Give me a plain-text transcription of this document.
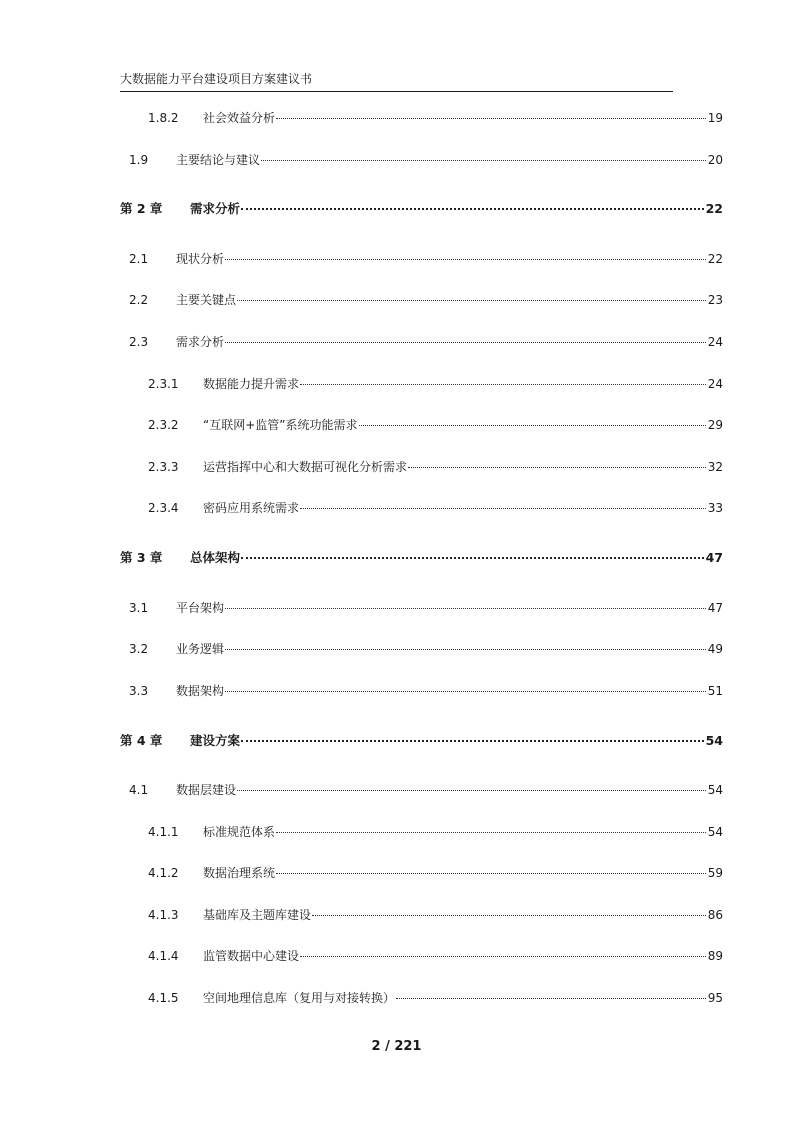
大数据能力平台建设项目方案建议书
1.8.2	社会效益分析	19
1.9	主要结论与建议	20
第 2 章	需求分析	22
2.1	现状分析	22
2.2	主要关键点	23
2.3	需求分析	24
2.3.1	数据能力提升需求	24
2.3.2	“互联网+监管”系统功能需求	29
2.3.3	运营指挥中心和大数据可视化分析需求	32
2.3.4	密码应用系统需求	33
第 3 章	总体架构	47
3.1	平台架构	47
3.2	业务逻辑	49
3.3	数据架构	51
第 4 章	建设方案	54
4.1	数据层建设	54
4.1.1	标准规范体系	54
4.1.2	数据治理系统	59
4.1.3	基础库及主题库建设	86
4.1.4	监管数据中心建设	89
4.1.5	空间地理信息库（复用与对接转换）	95
2 / 221
